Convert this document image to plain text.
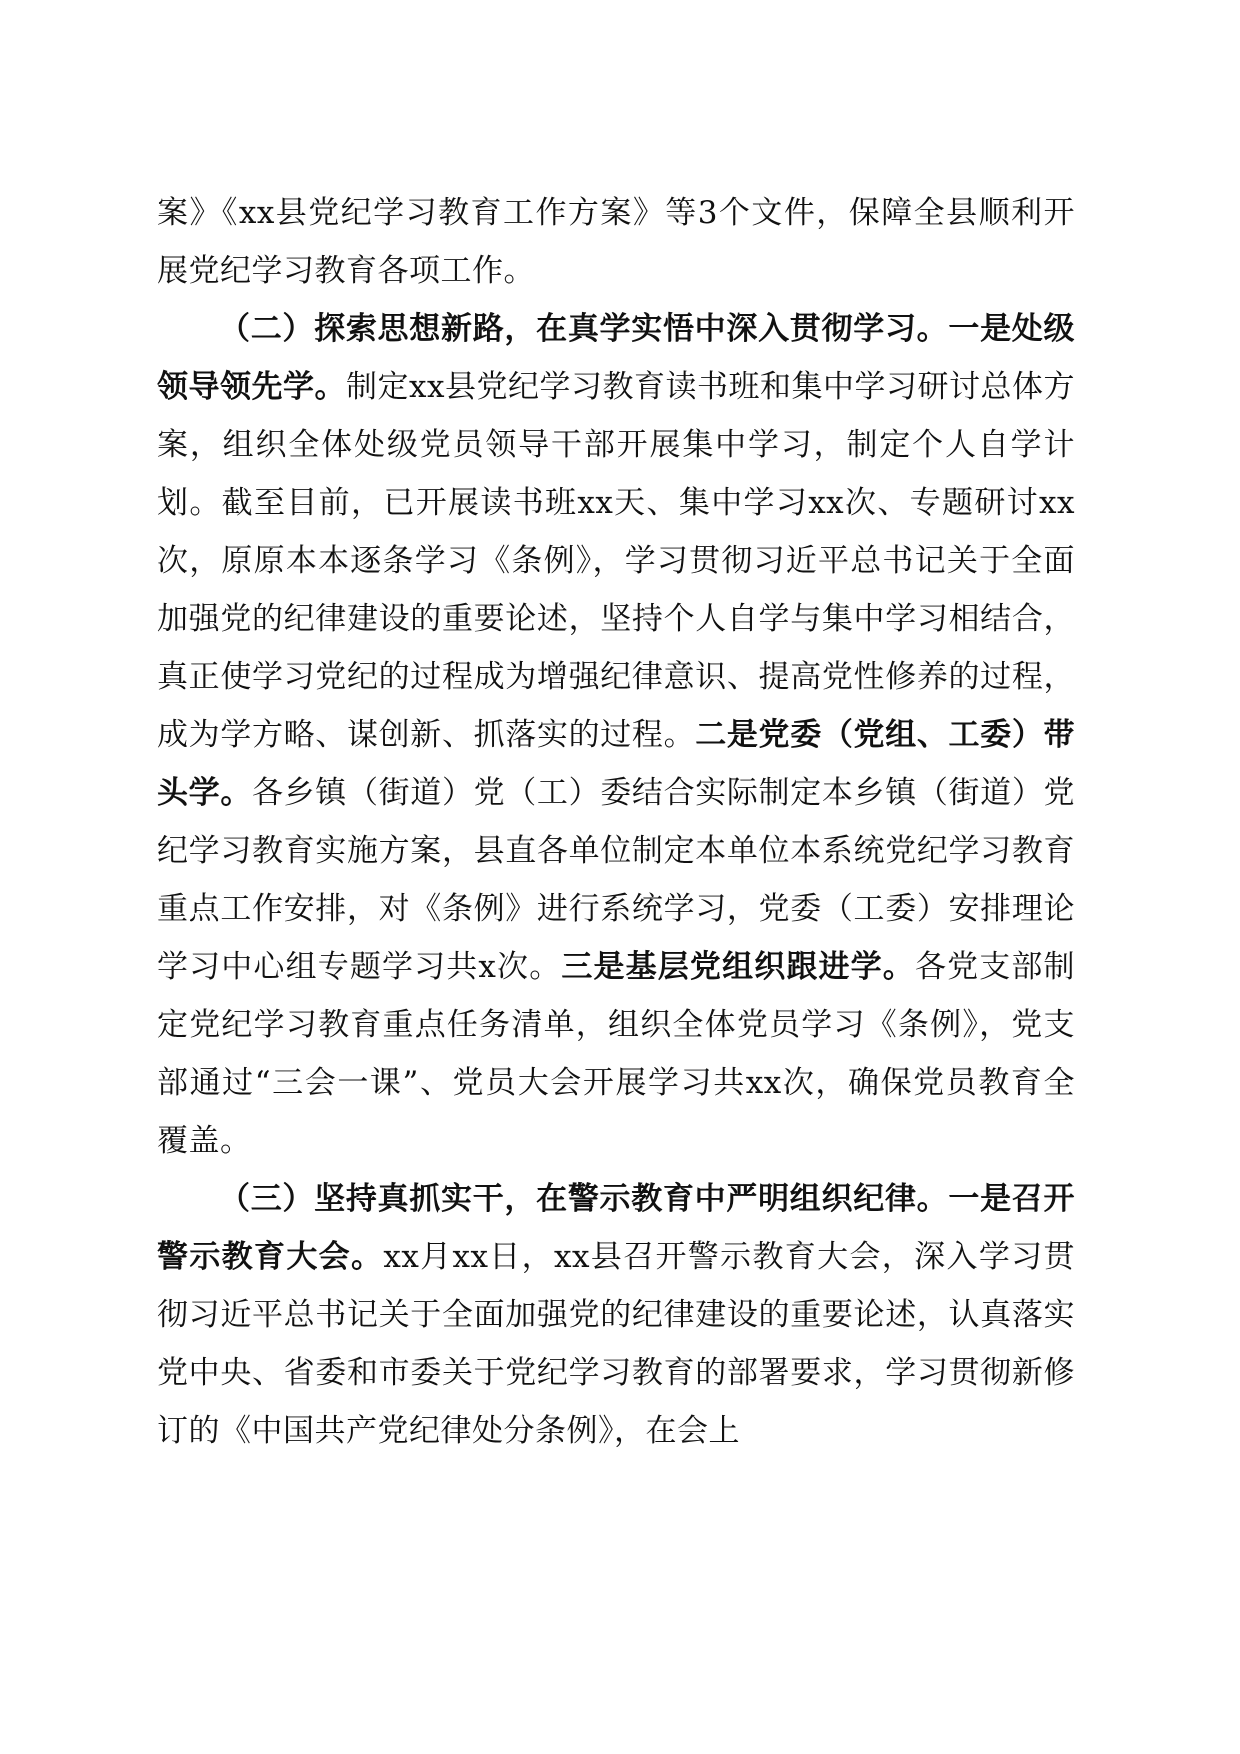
案》《xx县党纪学习教育工作方案》等3个文件，保障全县顺利开展党纪学习教育各项工作。

（二）探索思想新路，在真学实悟中深入贯彻学习。一是处级领导领先学。制定xx县党纪学习教育读书班和集中学习研讨总体方案，组织全体处级党员领导干部开展集中学习，制定个人自学计划。截至目前，已开展读书班xx天、集中学习xx次、专题研讨xx次，原原本本逐条学习《条例》，学习贯彻习近平总书记关于全面加强党的纪律建设的重要论述，坚持个人自学与集中学习相结合，真正使学习党纪的过程成为增强纪律意识、提高党性修养的过程，成为学方略、谋创新、抓落实的过程。二是党委（党组、工委）带头学。各乡镇（街道）党（工）委结合实际制定本乡镇（街道）党纪学习教育实施方案，县直各单位制定本单位本系统党纪学习教育重点工作安排，对《条例》进行系统学习，党委（工委）安排理论学习中心组专题学习共x次。三是基层党组织跟进学。各党支部制定党纪学习教育重点任务清单，组织全体党员学习《条例》，党支部通过“三会一课”、党员大会开展学习共xx次，确保党员教育全覆盖。

（三）坚持真抓实干，在警示教育中严明组织纪律。一是召开警示教育大会。xx月xx日，xx县召开警示教育大会，深入学习贯彻习近平总书记关于全面加强党的纪律建设的重要论述，认真落实党中央、省委和市委关于党纪学习教育的部署要求，学习贯彻新修订的《中国共产党纪律处分条例》，在会上
